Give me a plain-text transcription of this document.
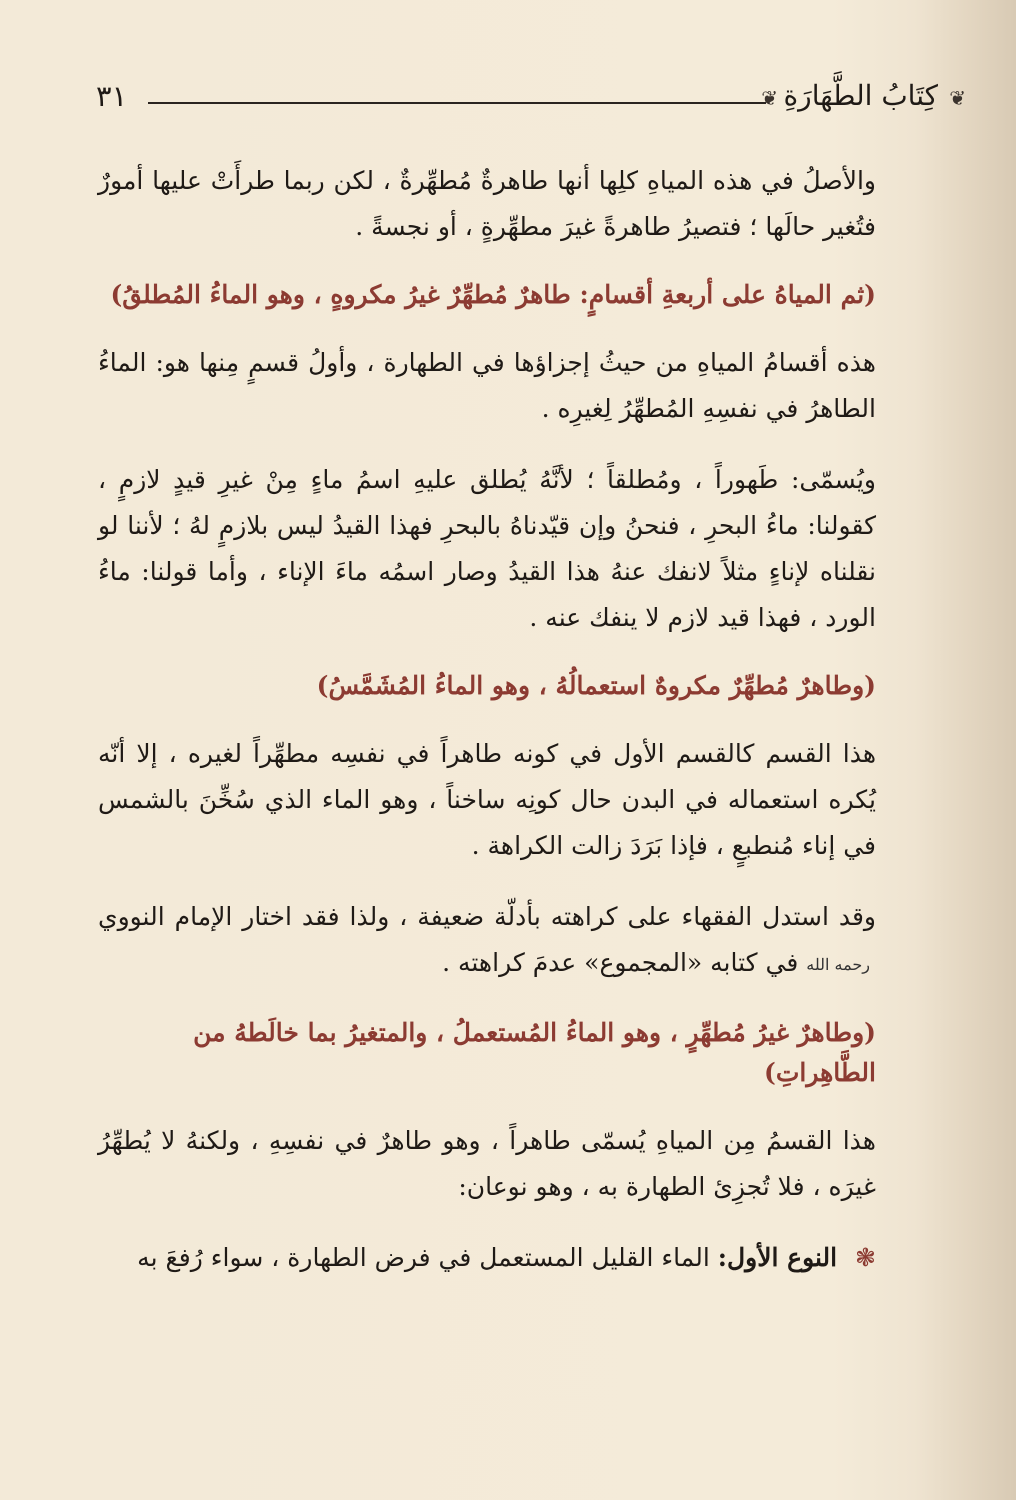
٣١	❦ كِتَابُ الطَّهَارَةِ ❦

والأصلُ في هذه المياهِ كلِها أنها طاهرةٌ مُطهِّرةٌ ، لكن ربما طرأَتْ عليها أمورٌ فتُغير حالَها ؛ فتصيرُ طاهرةً غيرَ مطهِّرةٍ ، أو نجسةً .

(ثم المياهُ على أربعةِ أقسامٍ: طاهرٌ مُطهِّرٌ غيرُ مكروهٍ ، وهو الماءُ المُطلقُ)

هذه أقسامُ المياهِ من حيثُ إجزاؤها في الطهارة ، وأولُ قسمٍ مِنها هو: الماءُ الطاهرُ في نفسِهِ المُطهِّرُ لِغيرِه .

ويُسمّى: طَهوراً ، ومُطلقاً ؛ لأنَّهُ يُطلق عليهِ اسمُ ماءٍ مِنْ غيرِ قيدٍ لازمٍ ، كقولنا: ماءُ البحرِ ، فنحنُ وإن قيّدناهُ بالبحرِ فهذا القيدُ ليس بلازمٍ لهُ ؛ لأننا لو نقلناه لإناءٍ مثلاً لانفك عنهُ هذا القيدُ وصار اسمُه ماءَ الإناء ، وأما قولنا: ماءُ الورد ، فهذا قيد لازم لا ينفك عنه .

(وطاهرٌ مُطهِّرٌ مكروهٌ استعمالُهُ ، وهو الماءُ المُشَمَّسُ)

هذا القسم كالقسم الأول في كونه طاهراً في نفسِه مطهِّراً لغيره ، إلا أنّه يُكره استعماله في البدن حال كونِه ساخناً ، وهو الماء الذي سُخِّنَ بالشمس في إناء مُنطبعٍ ، فإذا بَرَدَ زالت الكراهة .

وقد استدل الفقهاء على كراهته بأدلّة ضعيفة ، ولذا فقد اختار الإمام النووي رحمه الله في كتابه «المجموع» عدمَ كراهته .

(وطاهرٌ غيرُ مُطهِّرٍ ، وهو الماءُ المُستعملُ ، والمتغيرُ بما خالَطهُ من الطَّاهِراتِ)

هذا القسمُ مِن المياهِ يُسمّى طاهراً ، وهو طاهرٌ في نفسِهِ ، ولكنهُ لا يُطهِّرُ غيرَه ، فلا تُجزِئ الطهارة به ، وهو نوعان:

❃ النوع الأول: الماء القليل المستعمل في فرض الطهارة ، سواء رُفعَ به
